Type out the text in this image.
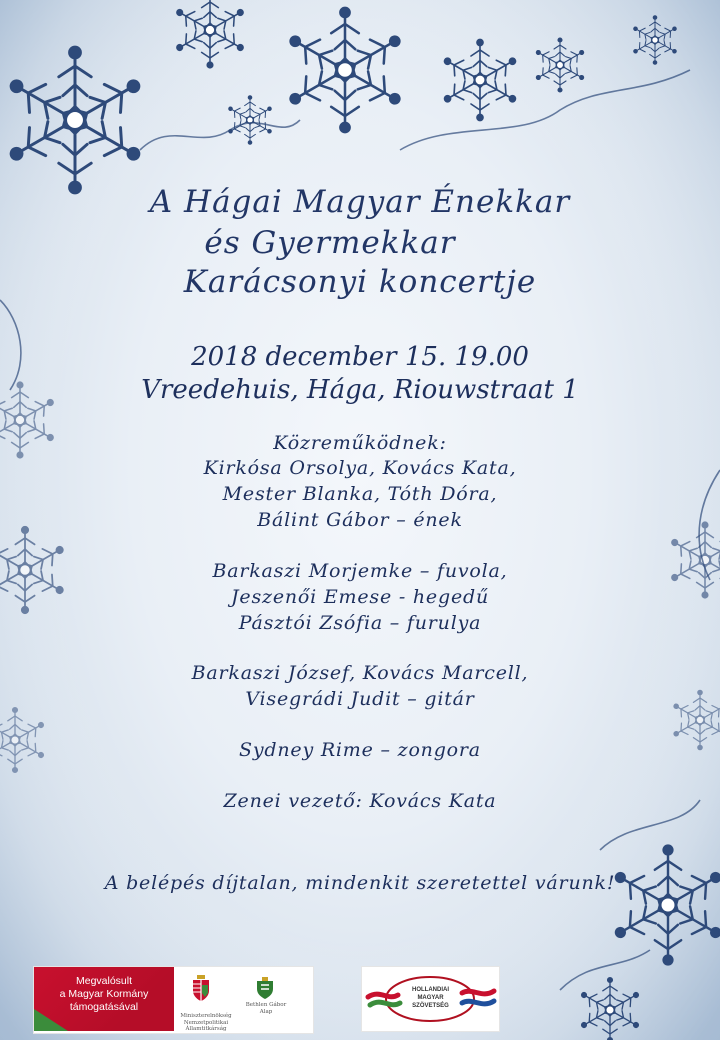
A Hágai Magyar Énekkar
és Gyermekkar
Karácsonyi koncertje
2018 december 15. 19.00
Vreedehuis, Hága, Riouwstraat 1
Közreműködnek:
Kirkósa Orsolya, Kovács Kata,
Mester Blanka, Tóth Dóra,
Bálint Gábor – ének
Barkaszi Morjemke – fuvola,
Jeszenői Emese - hegedű
Pásztói Zsófia – furulya
Barkaszi József, Kovács Marcell,
Visegrádi Judit – gitár
Sydney Rime – zongora
Zenei vezető: Kovács Kata
A belépés díjtalan, mindenkit szeretettel várunk!
Megvalósult
a Magyar Kormány
támogatásával
Miniszterelnökség Nemzetpolitikai Államtitkárság
Bethlen Gábor Alap
HOLLANDIAI
MAGYAR
SZÖVETSÉG
